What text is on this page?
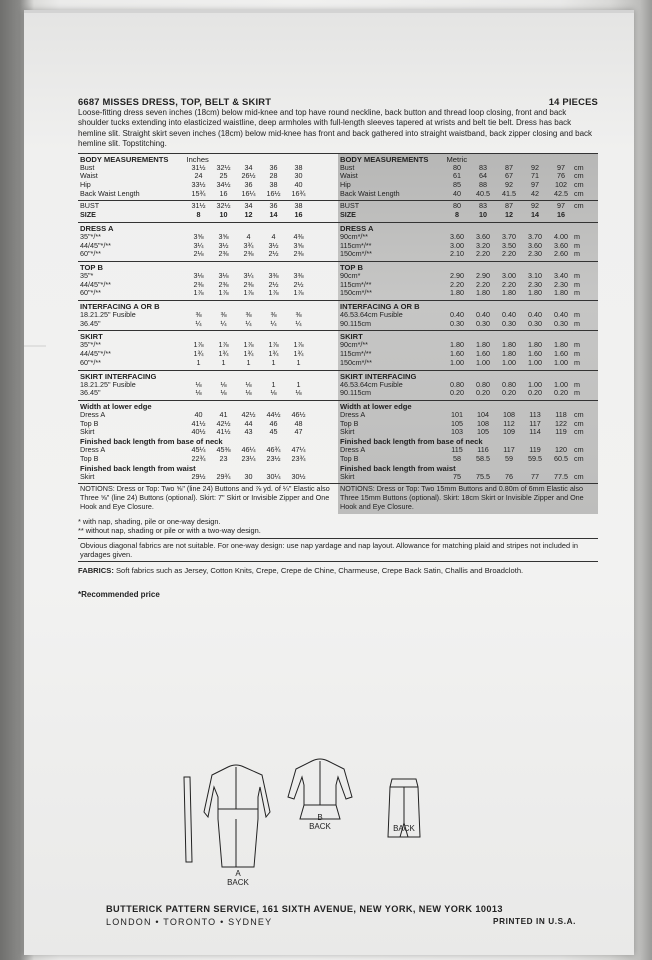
6687 MISSES DRESS, TOP, BELT & SKIRT	14 PIECES
Loose-fitting dress seven inches (18cm) below mid-knee and top have round neckline, back button and thread loop closing, front and back shoulder tucks extending into elasticized waistline, deep armholes with full-length sleeves tapered at wrists and belt tie belt. Dress has back hemline slit. Straight skirt seven inches (18cm) below mid-knee has front and back gathered into straight waistband, back zipper closing and back hemline slit. Topstitching.
BODY MEASUREMENTS Inches
Bust	31½	32½	34	36	38
Waist	24	25	26½	28	30
Hip	33½	34½	36	38	40
Back Waist Length	15¾	16	16¼	16½	16¾
BUST	31½	32½	34	36	38
SIZE	8	10	12	14	16
DRESS A
35"*/**	3⅝	3⅝	4	4	4⅜
44/45"*/**	3¼	3½	3¾	3½	3⅝
60"*/**	2⅛	2⅜	2⅜	2½	2⅜
TOP B
35"*	3⅛	3⅛	3¼	3⅜	3⅜
44/45"*/**	2⅜	2⅜	2⅜	2½	2½
60"*/**	1⅞	1⅞	1⅞	1⅞	1⅞
INTERFACING A OR B
18.21.25" Fusible	⅜	⅜	⅜	⅜	⅜
36.45"	¼	¼	¼	¼	¼
SKIRT
35"*/**	1⅞	1⅞	1⅞	1⅞	1⅞
44/45"*/**	1¾	1¾	1¾	1¾	1¾
60"*/**	1	1	1	1	1
SKIRT INTERFACING
18.21.25" Fusible	⅛	⅛	⅛	1	1
36.45"	⅛	⅛	⅛	⅛	⅛
Width at lower edge
Dress A	40	41	42½	44½	46½
Top B	41½	42½	44	46	48
Skirt	40½	41½	43	45	47
Finished back length from base of neck
Dress A	45¼	45⅜	46¼	46¾	47¼
Top B	22¾	23	23¼	23½	23¾
Finished back length from waist
Skirt	29½	29¾	30	30¼	30½
NOTIONS: Dress or Top: Two ⅝" (line 24) Buttons and ⅞ yd. of ¼" Elastic also Three ⅝" (line 24) Buttons (optional). Skirt: 7" Skirt or Invisible Zipper and One Hook and Eye Closure.
BODY MEASUREMENTS Metric
Bust	80	83	87	92	97	cm
Waist	61	64	67	71	76	cm
Hip	85	88	92	97	102 cm
Back Waist Length	40	40.5	41.5	42	42.5 cm
BUST	80	83	87	92	97	cm
SIZE	8	10	12	14	16
DRESS A
90cm*/**	3.60	3.60	3.70	3.70	4.00 m
115cm*/**	3.00	3.20	3.50	3.60	3.60 m
150cm*/**	2.10	2.20	2.20	2.30	2.60 m
TOP B
90cm*	2.90	2.90	3.00	3.10	3.40 m
115cm*/**	2.20	2.20	2.20	2.30	2.30 m
150cm*/**	1.80	1.80	1.80	1.80	1.80 m
INTERFACING A OR B
46.53.64cm Fusible	0.40	0.40	0.40	0.40	0.40 m
90.115cm	0.30	0.30	0.30	0.30	0.30 m
SKIRT
90cm*/**	1.80	1.80	1.80	1.80	1.80 m
115cm*/**	1.60	1.60	1.80	1.60	1.60 m
150cm*/**	1.00	1.00	1.00	1.00	1.00 m
SKIRT INTERFACING
46.53.64cm Fusible	0.80	0.80	0.80	1.00	1.00 m
90.115cm	0.20	0.20	0.20	0.20	0.20 m
Width at lower edge
Dress A	101	104	108	113	118	cm
Top B	105	108	112	117	122 cm
Skirt	103	105	109	114	119	cm
Finished back length from base of neck
Dress A	115	116	117	119	120 cm
Top B	58	58.5	59	59.5	60.5 cm
Finished back length from waist
Skirt	75	75.5	76	77	77.5 cm
NOTIONS: Dress or Top: Two 15mm Buttons and 0.80m of 6mm Elastic also Three 15mm Buttons (optional). Skirt: 18cm Skirt or Invisible Zipper and One Hook and Eye Closure.
* with nap, shading, pile or one-way design.
** without nap, shading or pile or with a two-way design.
Obvious diagonal fabrics are not suitable. For one-way design: use nap yardage and nap layout. Allowance for matching plaid and stripes not included in yardages given.
FABRICS: Soft fabrics such as Jersey, Cotton Knits, Crepe, Crepe de Chine, Charmeuse, Crepe Back Satin, Challis and Broadcloth.
*Recommended price
A
BACK
B
BACK	BACK
BUTTERICK PATTERN SERVICE, 161 SIXTH AVENUE, NEW YORK, NEW YORK 10013
LONDON • TORONTO • SYDNEY	PRINTED IN U.S.A.
